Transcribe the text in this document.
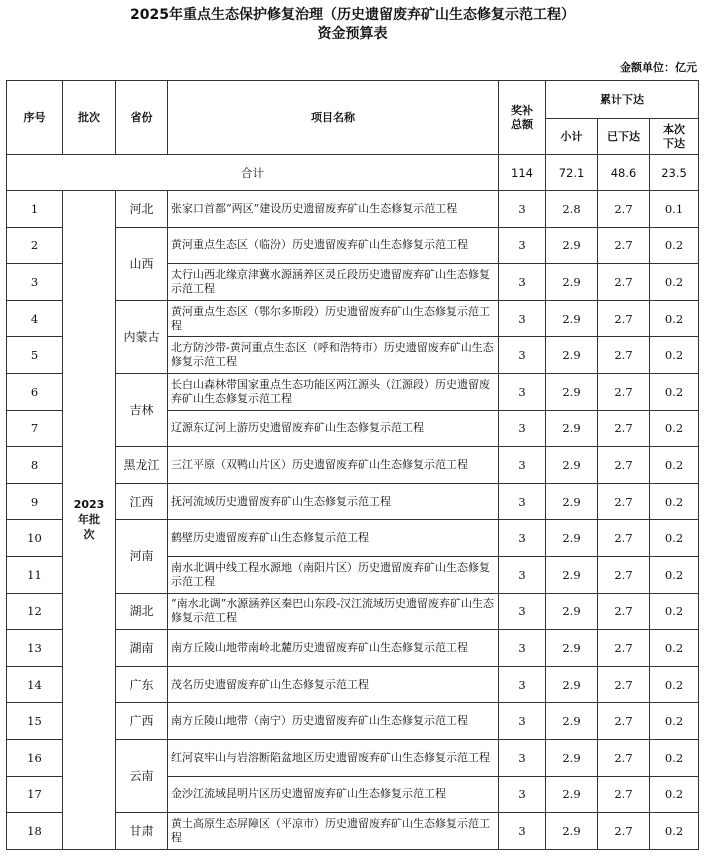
2025年重点生态保护修复治理（历史遗留废弃矿山生态修复示范工程）
资金预算表
金额单位：亿元
序号	批次	省份	项目名称	奖补总额	累计下达		
					小计	已下达	本次下达
合计				114	72.1	48.6	23.5
1	2023年批次	河北	张家口首都“两区”建设历史遗留废弃矿山生态修复示范工程	3	2.8	2.7	0.1
2		山西	黄河重点生态区（临汾）历史遗留废弃矿山生态修复示范工程	3	2.9	2.7	0.2
3			太行山西北缘京津冀水源涵养区灵丘段历史遗留废弃矿山生态修复示范工程	3	2.9	2.7	0.2
4		内蒙古	黄河重点生态区（鄂尔多斯段）历史遗留废弃矿山生态修复示范工程	3	2.9	2.7	0.2
5			北方防沙带-黄河重点生态区（呼和浩特市）历史遗留废弃矿山生态修复示范工程	3	2.9	2.7	0.2
6		吉林	长白山森林带国家重点生态功能区两江源头（江源段）历史遗留废弃矿山生态修复示范工程	3	2.9	2.7	0.2
7			辽源东辽河上游历史遗留废弃矿山生态修复示范工程	3	2.9	2.7	0.2
8		黑龙江	三江平原（双鸭山片区）历史遗留废弃矿山生态修复示范工程	3	2.9	2.7	0.2
9		江西	抚河流域历史遗留废弃矿山生态修复示范工程	3	2.9	2.7	0.2
10		河南	鹤壁历史遗留废弃矿山生态修复示范工程	3	2.9	2.7	0.2
11			南水北调中线工程水源地（南阳片区）历史遗留废弃矿山生态修复示范工程	3	2.9	2.7	0.2
12		湖北	“南水北调”水源涵养区秦巴山东段-汉江流域历史遗留废弃矿山生态修复示范工程	3	2.9	2.7	0.2
13		湖南	南方丘陵山地带南岭北麓历史遗留废弃矿山生态修复示范工程	3	2.9	2.7	0.2
14		广东	茂名历史遗留废弃矿山生态修复示范工程	3	2.9	2.7	0.2
15		广西	南方丘陵山地带（南宁）历史遗留废弃矿山生态修复示范工程	3	2.9	2.7	0.2
16		云南	红河哀牢山与岩溶断陷盆地区历史遗留废弃矿山生态修复示范工程	3	2.9	2.7	0.2
17			金沙江流域昆明片区历史遗留废弃矿山生态修复示范工程	3	2.9	2.7	0.2
18		甘肃	黄土高原生态屏障区（平凉市）历史遗留废弃矿山生态修复示范工程	3	2.9	2.7	0.2
